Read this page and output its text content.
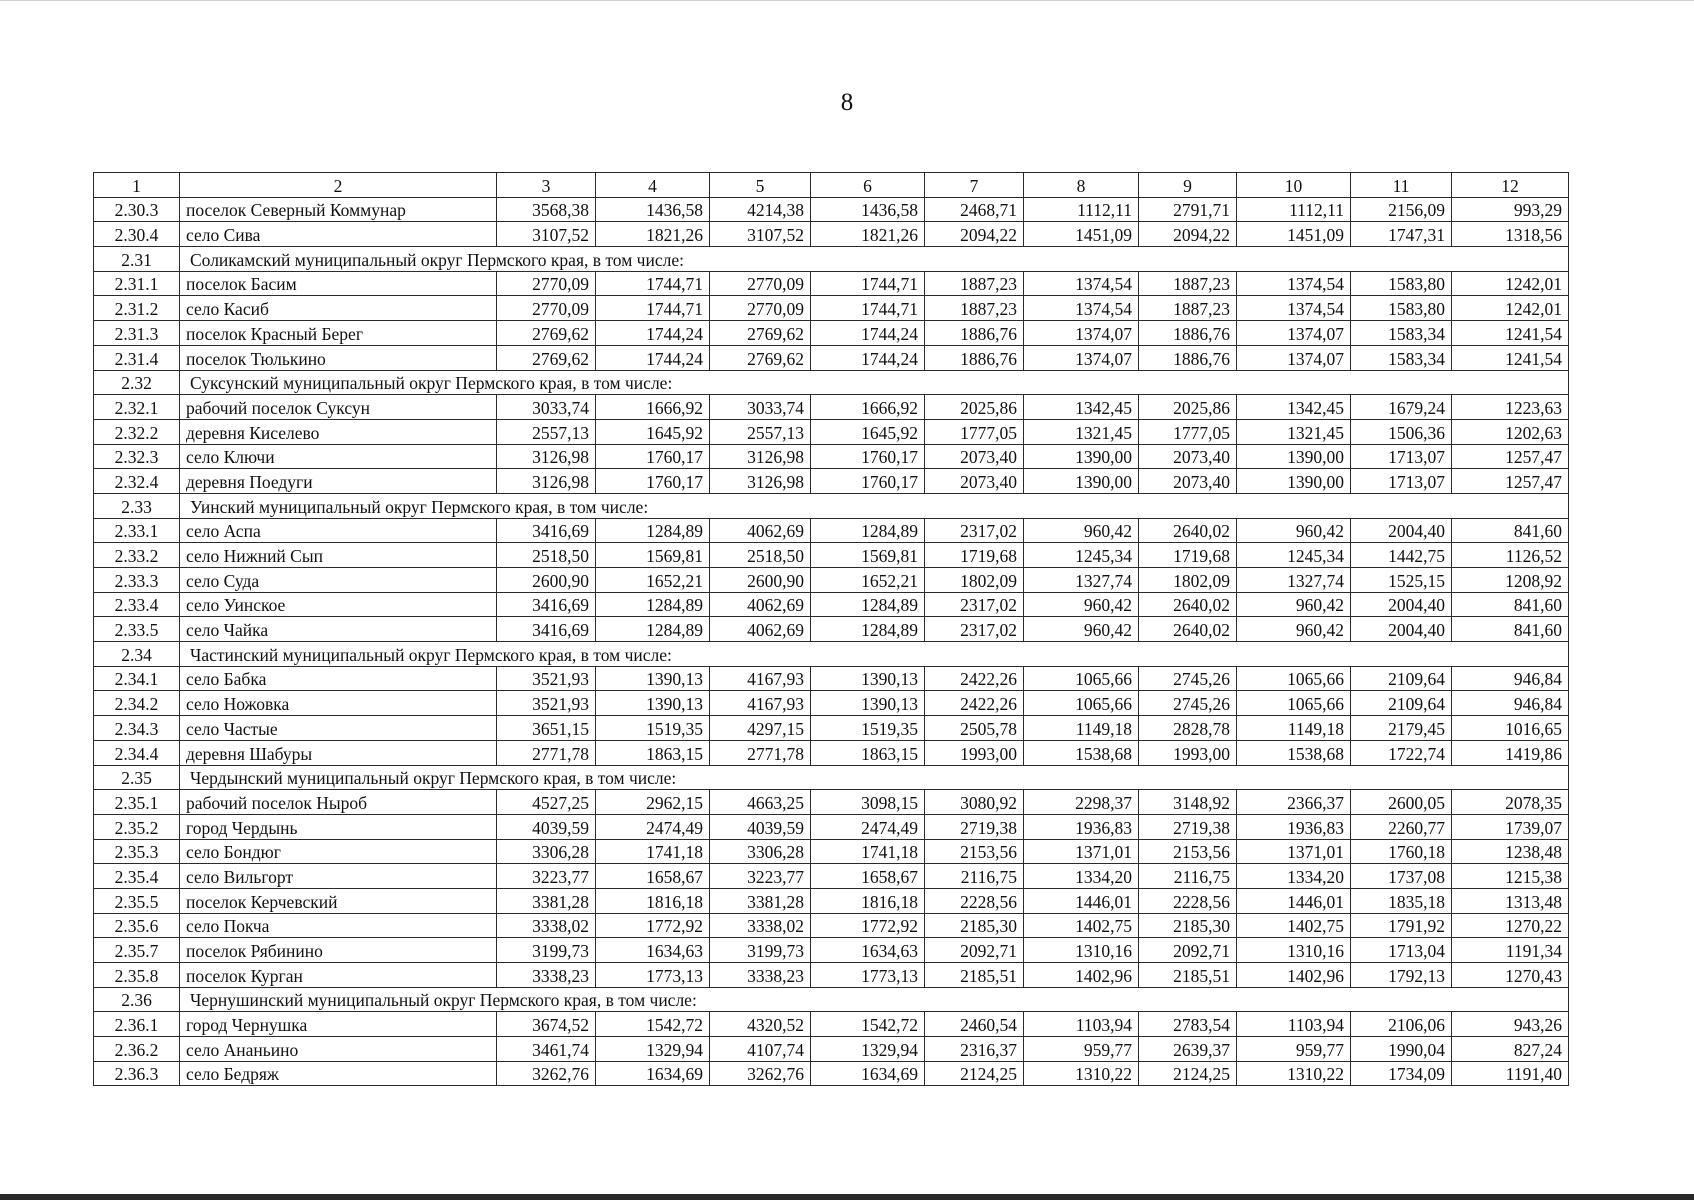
8
1	2	3	4	5	6	7	8	9	10	11	12
2.30.3	поселок Северный Коммунар	3568,38	1436,58	4214,38	1436,58	2468,71	1112,11	2791,71	1112,11	2156,09	993,29
2.30.4	село Сива	3107,52	1821,26	3107,52	1821,26	2094,22	1451,09	2094,22	1451,09	1747,31	1318,56
2.31	Соликамский муниципальный округ Пермского края, в том числе:										
2.31.1	поселок Басим	2770,09	1744,71	2770,09	1744,71	1887,23	1374,54	1887,23	1374,54	1583,80	1242,01
2.31.2	село Касиб	2770,09	1744,71	2770,09	1744,71	1887,23	1374,54	1887,23	1374,54	1583,80	1242,01
2.31.3	поселок Красный Берег	2769,62	1744,24	2769,62	1744,24	1886,76	1374,07	1886,76	1374,07	1583,34	1241,54
2.31.4	поселок Тюлькино	2769,62	1744,24	2769,62	1744,24	1886,76	1374,07	1886,76	1374,07	1583,34	1241,54
2.32	Суксунский муниципальный округ Пермского края, в том числе:										
2.32.1	рабочий поселок Суксун	3033,74	1666,92	3033,74	1666,92	2025,86	1342,45	2025,86	1342,45	1679,24	1223,63
2.32.2	деревня Киселево	2557,13	1645,92	2557,13	1645,92	1777,05	1321,45	1777,05	1321,45	1506,36	1202,63
2.32.3	село Ключи	3126,98	1760,17	3126,98	1760,17	2073,40	1390,00	2073,40	1390,00	1713,07	1257,47
2.32.4	деревня Поедуги	3126,98	1760,17	3126,98	1760,17	2073,40	1390,00	2073,40	1390,00	1713,07	1257,47
2.33	Уинский муниципальный округ Пермского края, в том числе:										
2.33.1	село Аспа	3416,69	1284,89	4062,69	1284,89	2317,02	960,42	2640,02	960,42	2004,40	841,60
2.33.2	село Нижний Сып	2518,50	1569,81	2518,50	1569,81	1719,68	1245,34	1719,68	1245,34	1442,75	1126,52
2.33.3	село Суда	2600,90	1652,21	2600,90	1652,21	1802,09	1327,74	1802,09	1327,74	1525,15	1208,92
2.33.4	село Уинское	3416,69	1284,89	4062,69	1284,89	2317,02	960,42	2640,02	960,42	2004,40	841,60
2.33.5	село Чайка	3416,69	1284,89	4062,69	1284,89	2317,02	960,42	2640,02	960,42	2004,40	841,60
2.34	Частинский муниципальный округ Пермского края, в том числе:										
2.34.1	село Бабка	3521,93	1390,13	4167,93	1390,13	2422,26	1065,66	2745,26	1065,66	2109,64	946,84
2.34.2	село Ножовка	3521,93	1390,13	4167,93	1390,13	2422,26	1065,66	2745,26	1065,66	2109,64	946,84
2.34.3	село Частые	3651,15	1519,35	4297,15	1519,35	2505,78	1149,18	2828,78	1149,18	2179,45	1016,65
2.34.4	деревня Шабуры	2771,78	1863,15	2771,78	1863,15	1993,00	1538,68	1993,00	1538,68	1722,74	1419,86
2.35	Чердынский муниципальный округ Пермского края, в том числе:										
2.35.1	рабочий поселок Ныроб	4527,25	2962,15	4663,25	3098,15	3080,92	2298,37	3148,92	2366,37	2600,05	2078,35
2.35.2	город Чердынь	4039,59	2474,49	4039,59	2474,49	2719,38	1936,83	2719,38	1936,83	2260,77	1739,07
2.35.3	село Бондюг	3306,28	1741,18	3306,28	1741,18	2153,56	1371,01	2153,56	1371,01	1760,18	1238,48
2.35.4	село Вильгорт	3223,77	1658,67	3223,77	1658,67	2116,75	1334,20	2116,75	1334,20	1737,08	1215,38
2.35.5	поселок Керчевский	3381,28	1816,18	3381,28	1816,18	2228,56	1446,01	2228,56	1446,01	1835,18	1313,48
2.35.6	село Покча	3338,02	1772,92	3338,02	1772,92	2185,30	1402,75	2185,30	1402,75	1791,92	1270,22
2.35.7	поселок Рябинино	3199,73	1634,63	3199,73	1634,63	2092,71	1310,16	2092,71	1310,16	1713,04	1191,34
2.35.8	поселок Курган	3338,23	1773,13	3338,23	1773,13	2185,51	1402,96	2185,51	1402,96	1792,13	1270,43
2.36	Чернушинский муниципальный округ Пермского края, в том числе:										
2.36.1	город Чернушка	3674,52	1542,72	4320,52	1542,72	2460,54	1103,94	2783,54	1103,94	2106,06	943,26
2.36.2	село Ананьино	3461,74	1329,94	4107,74	1329,94	2316,37	959,77	2639,37	959,77	1990,04	827,24
2.36.3	село Бедряж	3262,76	1634,69	3262,76	1634,69	2124,25	1310,22	2124,25	1310,22	1734,09	1191,40
